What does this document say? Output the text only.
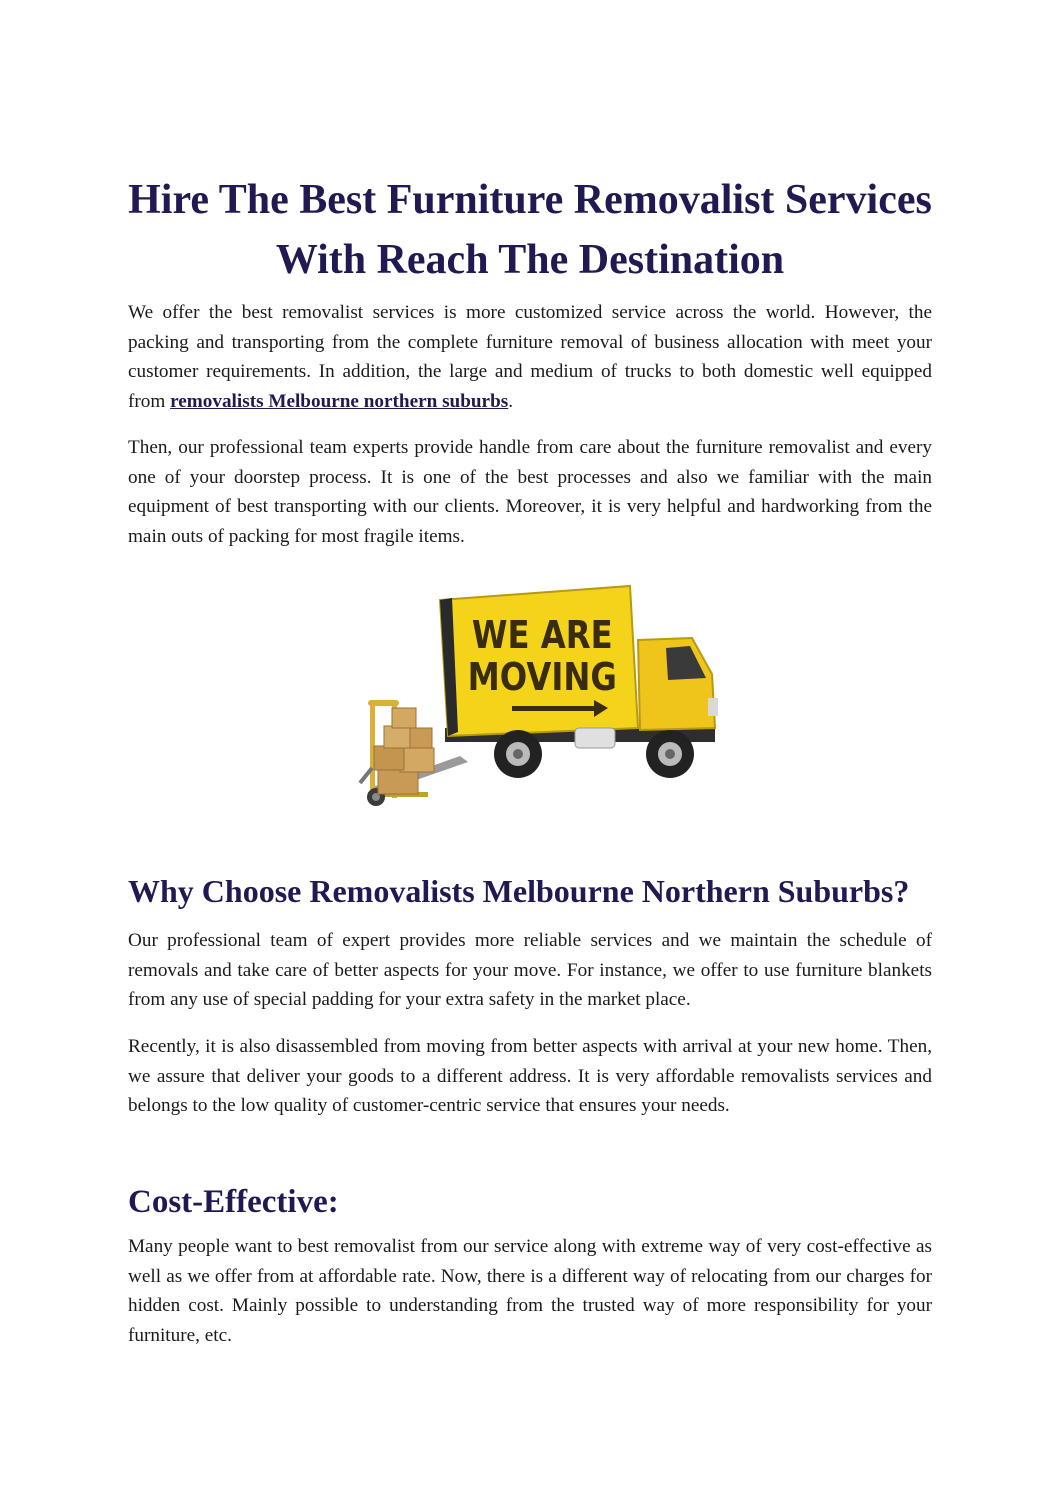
Hire The Best Furniture Removalist Services With Reach The Destination

We offer the best removalist services is more customized service across the world. However, the packing and transporting from the complete furniture removal of business allocation with meet your customer requirements. In addition, the large and medium of trucks to both domestic well equipped from removalists Melbourne northern suburbs.

Then, our professional team experts provide handle from care about the furniture removalist and every one of your doorstep process. It is one of the best processes and also we familiar with the main equipment of best transporting with our clients. Moreover, it is very helpful and hardworking from the main outs of packing for most fragile items.

WE ARE
MOVING
Why Choose Removalists Melbourne Northern Suburbs?

Our professional team of expert provides more reliable services and we maintain the schedule of removals and take care of better aspects for your move. For instance, we offer to use furniture blankets from any use of special padding for your extra safety in the market place.

Recently, it is also disassembled from moving from better aspects with arrival at your new home. Then, we assure that deliver your goods to a different address. It is very affordable removalists services and belongs to the low quality of customer-centric service that ensures your needs.

Cost-Effective:

Many people want to best removalist from our service along with extreme way of very cost-effective as well as we offer from at affordable rate. Now, there is a different way of relocating from our charges for hidden cost. Mainly possible to understanding from the trusted way of more responsibility for your furniture, etc.
